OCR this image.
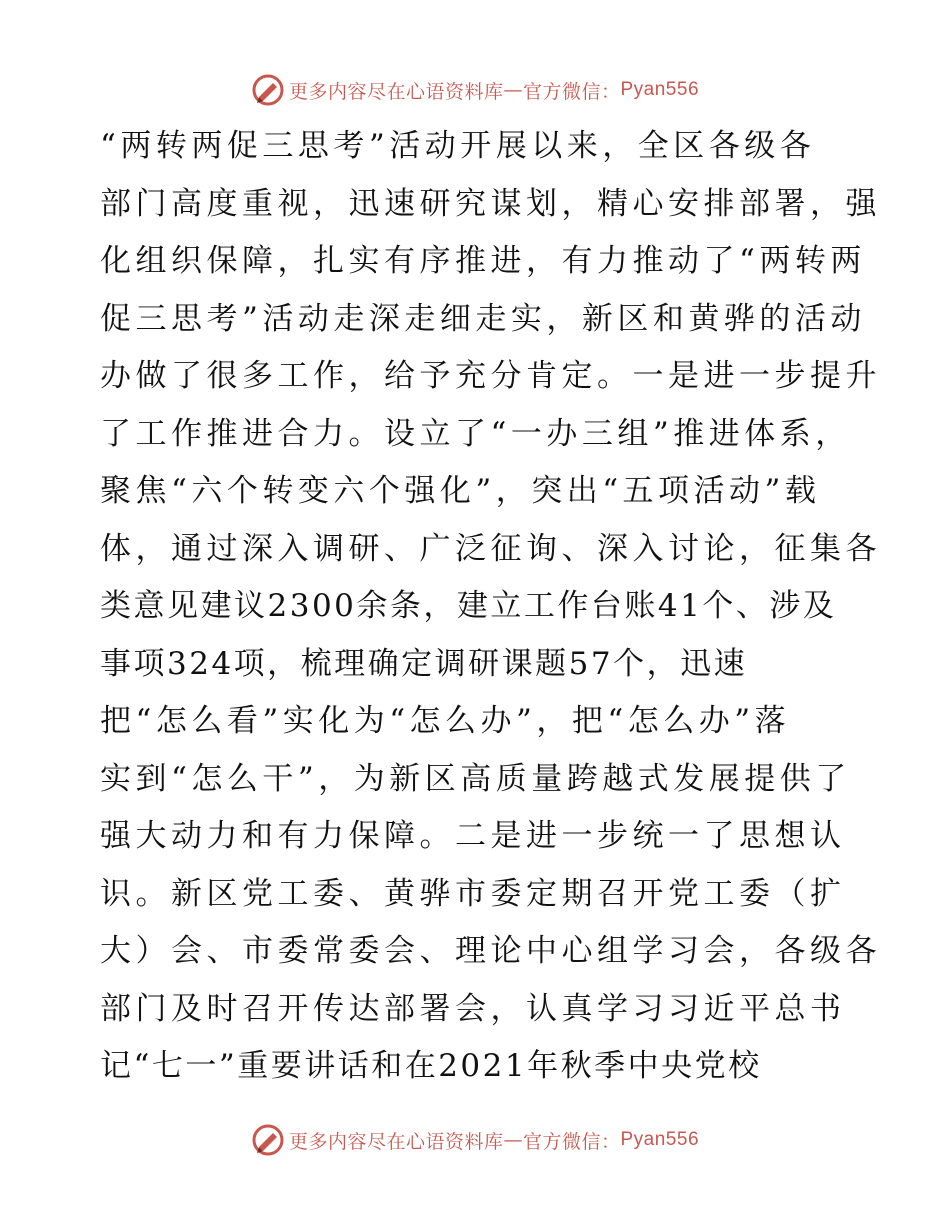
更多内容尽在心语资料库 — 官方微信： Pyan556
“两转两促三思考”活动开展以来，全区各级各
部门高度重视，迅速研究谋划，精心安排部署，强
化组织保障，扎实有序推进，有力推动了“两转两
促三思考”活动走深走细走实，新区和黄骅的活动
办做了很多工作，给予充分肯定。一是进一步提升
了工作推进合力。设立了“一办三组”推进体系，
聚焦“六个转变六个强化”，突出“五项活动”载
体，通过深入调研、广泛征询、深入讨论，征集各
类意见建议2300余条，建立工作台账41个、涉及
事项324项，梳理确定调研课题57个，迅速
把“怎么看”实化为“怎么办”，把“怎么办”落
实到“怎么干”，为新区高质量跨越式发展提供了
强大动力和有力保障。二是进一步统一了思想认
识。新区党工委、黄骅市委定期召开党工委（扩
大）会、市委常委会、理论中心组学习会，各级各
部门及时召开传达部署会，认真学习习近平总书
记“七一”重要讲话和在2021年秋季中央党校
更多内容尽在心语资料库 — 官方微信： Pyan556
